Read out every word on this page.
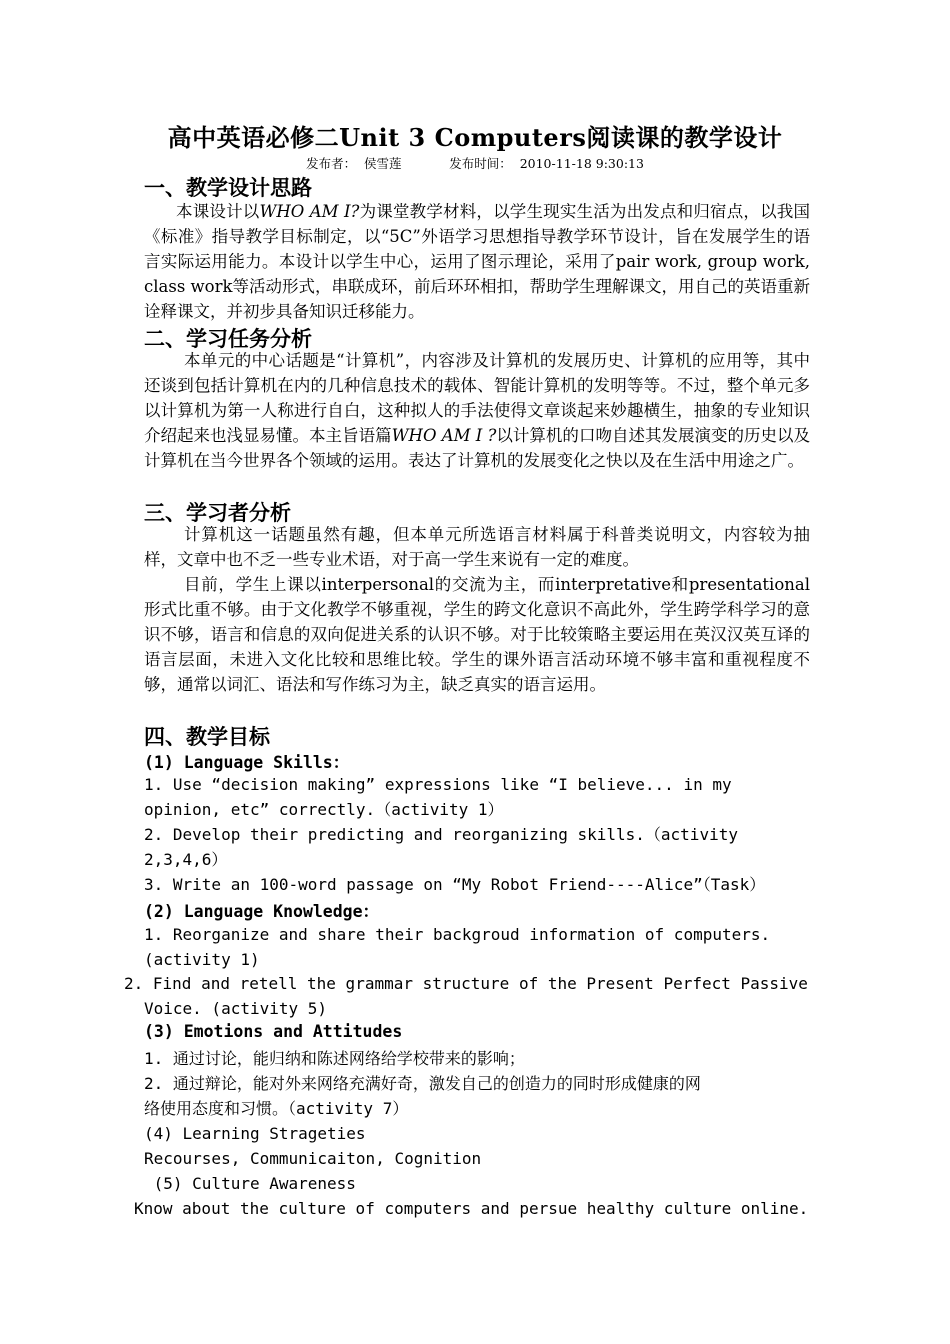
高中英语必修二Unit 3 Computers阅读课的教学设计
发布者： 侯雪莲	发布时间： 2010-11-18 9:30:13
一、教学设计思路
本课设计以WHO AM I?为课堂教学材料，以学生现实生活为出发点和归宿点，以我国《标准》指导教学目标制定，以“5C”外语学习思想指导教学环节设计，旨在发展学生的语言实际运用能力。本设计以学生中心，运用了图示理论，采用了pair work, group work, class work等活动形式，串联成环，前后环环相扣，帮助学生理解课文，用自己的英语重新诠释课文，并初步具备知识迁移能力。
二、学习任务分析
本单元的中心话题是“计算机”，内容涉及计算机的发展历史、计算机的应用等，其中还谈到包括计算机在内的几种信息技术的载体、智能计算机的发明等等。不过，整个单元多以计算机为第一人称进行自白，这种拟人的手法使得文章谈起来妙趣横生，抽象的专业知识介绍起来也浅显易懂。本主旨语篇WHO AM I ?以计算机的口吻自述其发展演变的历史以及计算机在当今世界各个领域的运用。表达了计算机的发展变化之快以及在生活中用途之广。
三、学习者分析
计算机这一话题虽然有趣，但本单元所选语言材料属于科普类说明文，内容较为抽样，文章中也不乏一些专业术语，对于高一学生来说有一定的难度。
目前，学生上课以interpersonal的交流为主，而interpretative和presentational形式比重不够。由于文化教学不够重视，学生的跨文化意识不高此外，学生跨学科学习的意识不够，语言和信息的双向促进关系的认识不够。对于比较策略主要运用在英汉汉英互译的语言层面，未进入文化比较和思维比较。学生的课外语言活动环境不够丰富和重视程度不够，通常以词汇、语法和写作练习为主，缺乏真实的语言运用。
四、教学目标
(1) Language Skills：
1. Use “decision making” expressions like “I believe... in my
opinion, etc” correctly.（activity 1）
2. Develop their predicting and reorganizing skills.（activity
2,3,4,6）
3. Write an 100-word passage on “My Robot Friend----Alice”（Task）
(2) Language Knowledge：
1. Reorganize and share their backgroud information of computers.
(activity 1)
2. Find and retell the grammar structure of the Present Perfect Passive
Voice. (activity 5)
(3) Emotions and Attitudes
1. 通过讨论，能归纳和陈述网络给学校带来的影响；
2. 通过辩论，能对外来网络充满好奇，激发自己的创造力的同时形成健康的网
络使用态度和习惯。（activity 7）
(4) Learning Strageties
Recourses, Communicaiton, Cognition
(5) Culture Awareness
Know about the culture of computers and persue healthy culture online.
